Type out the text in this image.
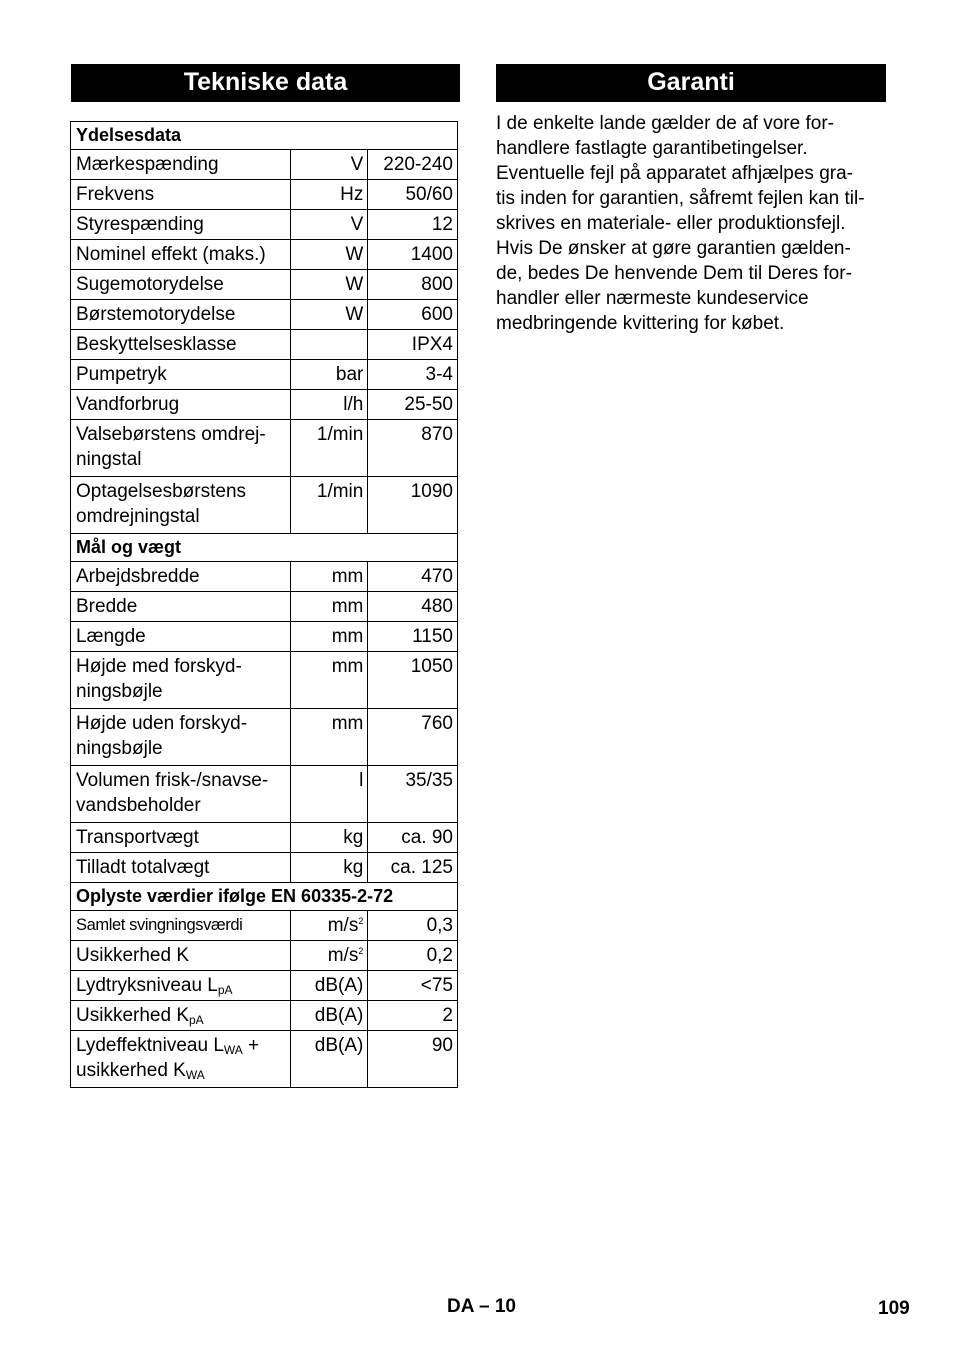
Tekniske data	Garanti
Ydelsesdata		
Mærkespænding	V	220-240
Frekvens	Hz	50/60
Styrespænding	V	12
Nominel effekt (maks.)	W	1400
Sugemotorydelse	W	800
Børstemotorydelse	W	600
Beskyttelsesklasse		IPX4
Pumpetryk	bar	3-4
Vandforbrug	l/h	25-50
Valsebørstens omdrej-
ningstal	1/min	870
Optagelsesbørstens
omdrejningstal	1/min	1090
Mål og vægt		
Arbejdsbredde	mm	470
Bredde	mm	480
Længde	mm	1150
Højde med forskyd-
ningsbøjle	mm	1050
Højde uden forskyd-
ningsbøjle	mm	760
Volumen frisk-/snavse-
vandsbeholder	l	35/35
Transportvægt	kg	ca. 90
Tilladt totalvægt	kg	ca. 125
Oplyste værdier ifølge EN 60335-2-72		
Samlet svingningsværdi	$m/s^2$	0,3
Usikkerhed K	$m/s^2$	0,2
Lydtryksniveau $L_{pA}$	dB(A)	<75
Usikkerhed $K_{pA}$	dB(A)	2
Lydeffektniveau $L_{WA}$ +
usikkerhed $K_{WA}$	dB(A)	90

I de enkelte lande gælder de af vore for-
handlere fastlagte garantibetingelser.
Eventuelle fejl på apparatet afhjælpes gra-
tis inden for garantien, såfremt fejlen kan til-
skrives en materiale- eller produktionsfejl.
Hvis De ønsker at gøre garantien gælden-
de, bedes De henvende Dem til Deres for-
handler eller nærmeste kundeservice
medbringende kvittering for købet.

DA – 10	109
